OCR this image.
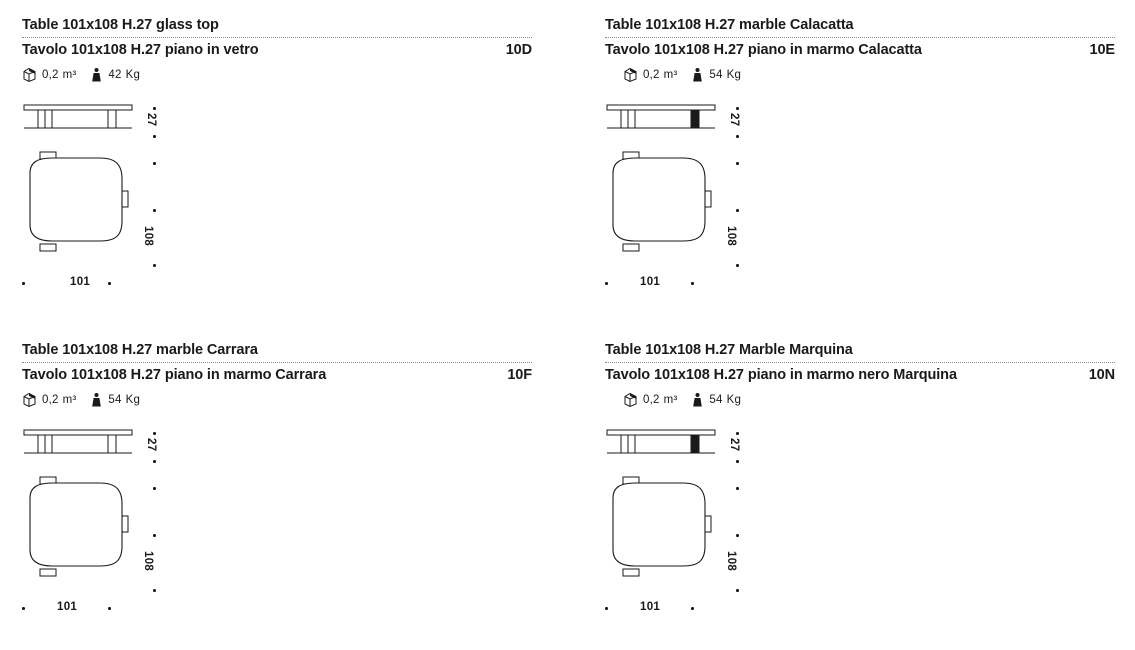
Table 101x108 H.27 glass top
Tavolo 101x108 H.27 piano in vetro	10D
0,2 m³	42 Kg
27
108
101
Table 101x108 H.27 marble Calacatta
Tavolo 101x108 H.27 piano in marmo Calacatta	10E
0,2 m³	54 Kg
27
108
101
Table 101x108 H.27 marble Carrara
Tavolo 101x108 H.27 piano in marmo Carrara	10F
0,2 m³	54 Kg
27
108
101
Table 101x108 H.27 Marble Marquina
Tavolo 101x108 H.27 piano in marmo nero Marquina	10N
0,2 m³	54 Kg
27
108
101
